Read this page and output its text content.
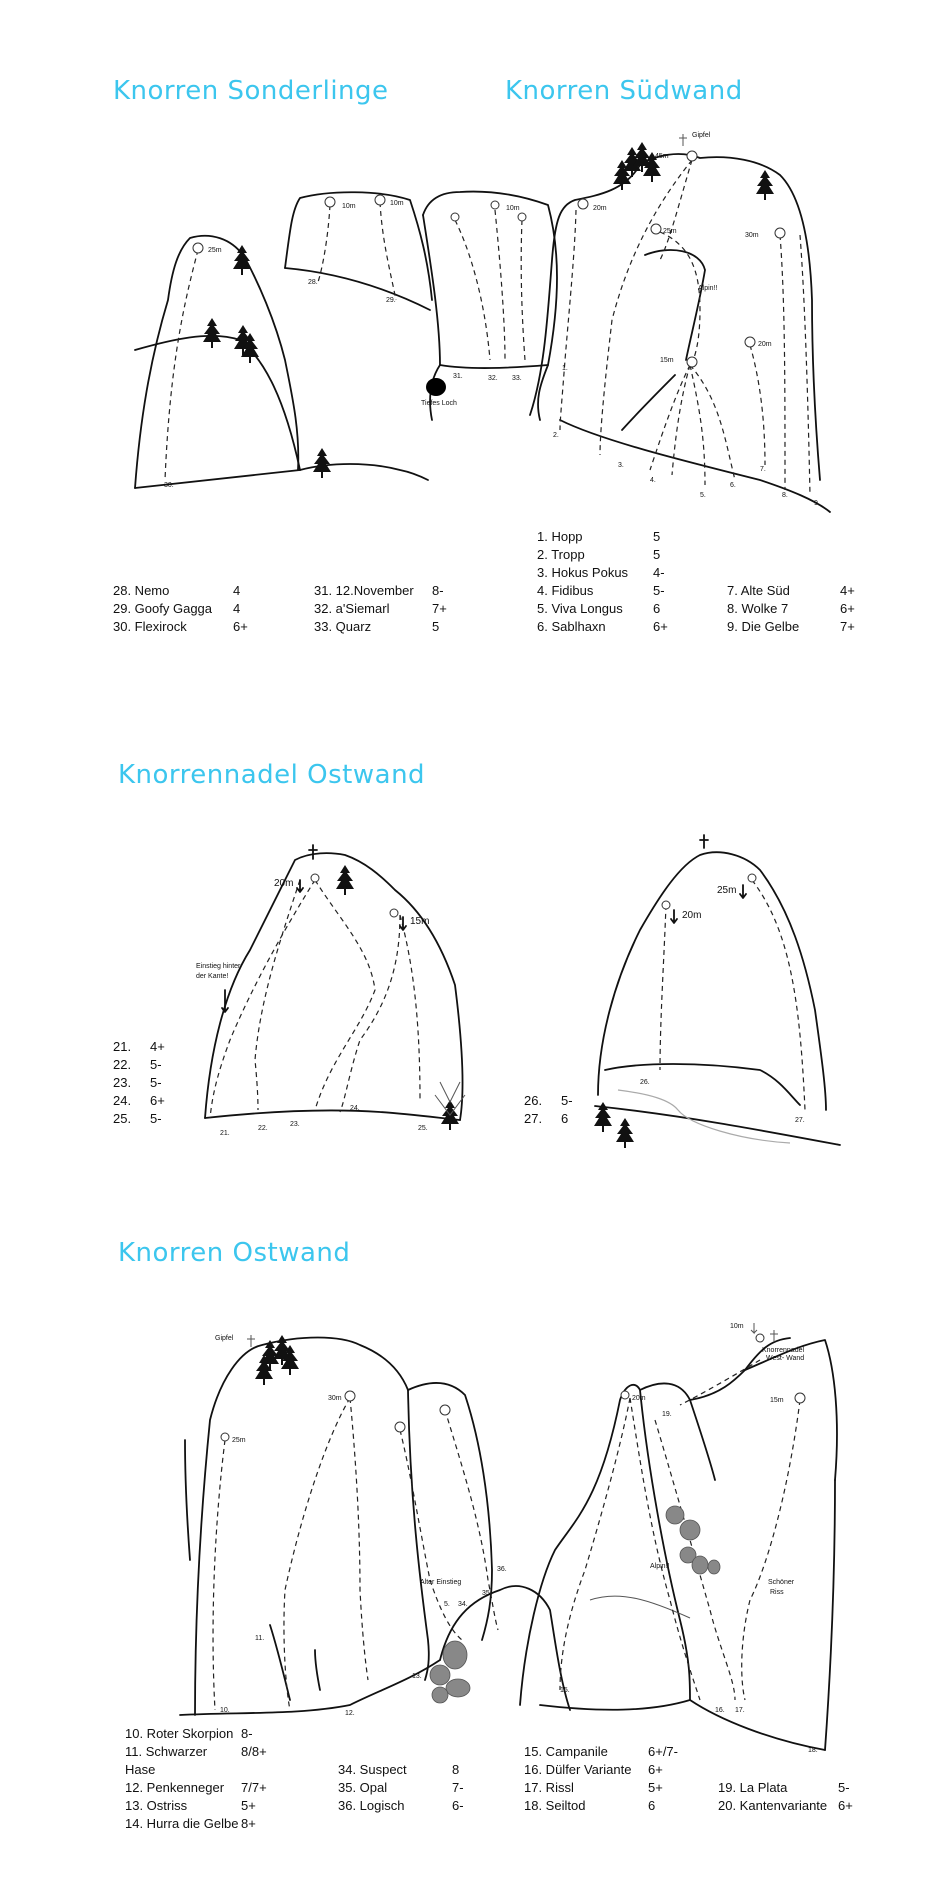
Knorren Sonderlinge	Knorren Südwand
Knorrennadel Ostwand
Knorren Ostwand
Tiefes Loch
25m
10m	10m
10m
30.
28.
29.
31.	32. 33.
Gipfel
20m
45m
25m
15m
20m
30m
Alpin!!
1.
2.
3.
4.
5.
6.
7.
8.
9.
20m
15m
Einstieg hinter
der Kante!
21.
22.
23.
24.
25.
20m
25m
26.
27.
Gipfel
25m
30m	20m
10m
15m
Knorrennadel
West- Wand
Alpin!!
Alter Einstieg	Schöner
Riss
10.
11.
12.
13.
5. 34.
35.
36.
15.
16. 17.
18.
19.
28. Nemo	4
29. Goofy Gagga	4
30. Flexirock	6+
31. 12.November	8-
32. a'Siemarl	7+
33. Quarz	5
1. Hopp	5
2. Tropp	5
3. Hokus Pokus	4-
4. Fidibus	5-
5. Viva Longus	6
6. Sablhaxn	6+
7. Alte Süd	4+
8. Wolke 7	6+
9. Die Gelbe	7+
21.	4+
22.	5-
23.	5-
24.	6+
25.	5-
26.	5-
27.	6
10. Roter Skorpion 8-
11. Schwarzer Hase
8/8+
12. Penkenneger	7/7+
13. Ostriss	5+
14. Hurra die Gelbe 8+
34. Suspect	8
35. Opal	7-
36. Logisch	6-
15. Campanile	6+/7-
16. Dülfer Variante	6+
17. Rissl	5+
18. Seiltod	6
19. La Plata	5-
20. Kantenvariante 6+
